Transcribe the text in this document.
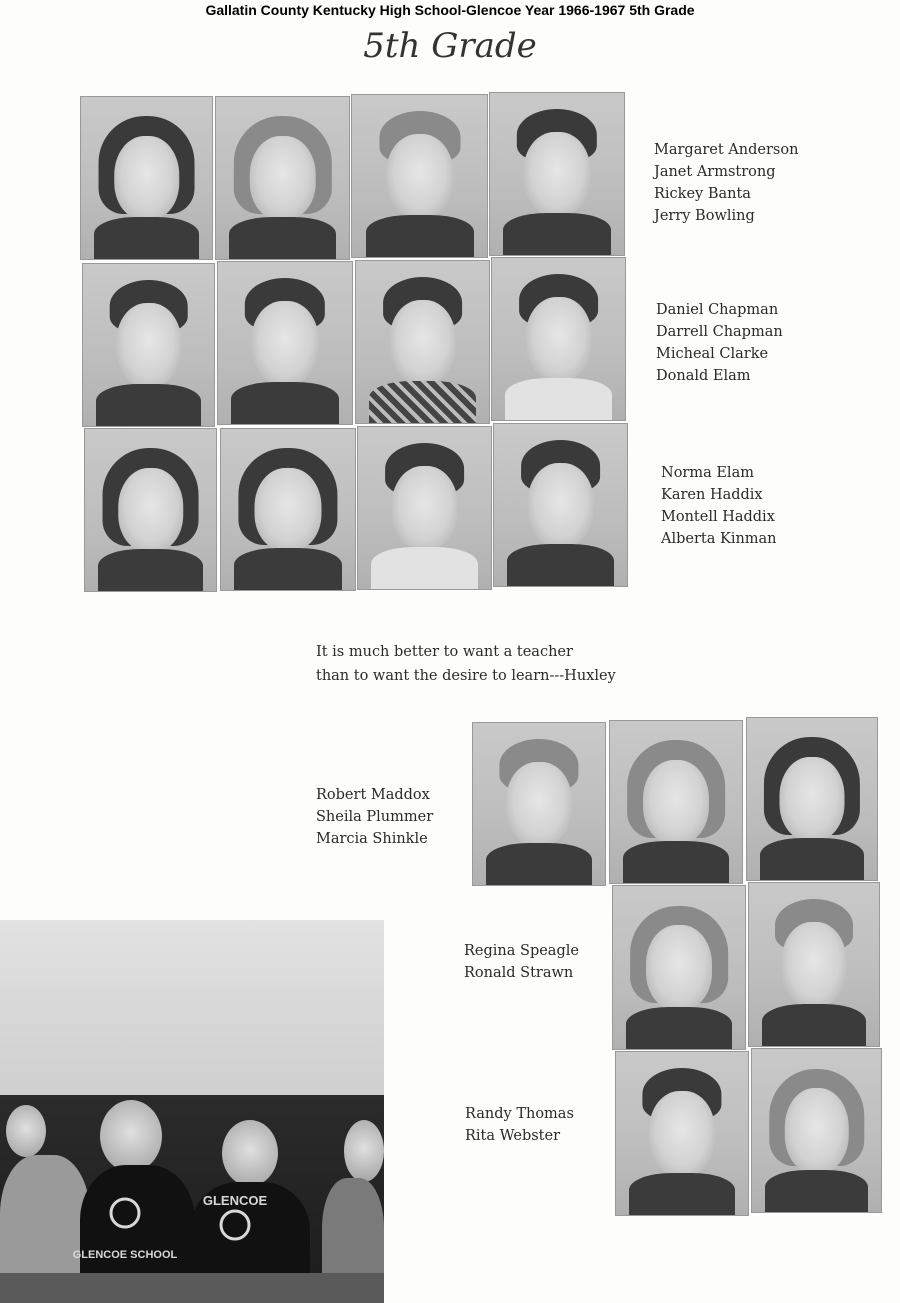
Gallatin County Kentucky High School-Glencoe Year 1966-1967 5th Grade
5th Grade
Margaret Anderson
Janet Armstrong
Rickey Banta
Jerry Bowling
Daniel Chapman
Darrell Chapman
Micheal Clarke
Donald Elam
Norma Elam
Karen Haddix
Montell Haddix
Alberta Kinman
It is much better to want a teacher
than to want the desire to learn---Huxley
Robert Maddox
Sheila Plummer
Marcia Shinkle
Regina Speagle
Ronald Strawn
Randy Thomas
Rita Webster
GLENCOE SCHOOL
GLENCOE
